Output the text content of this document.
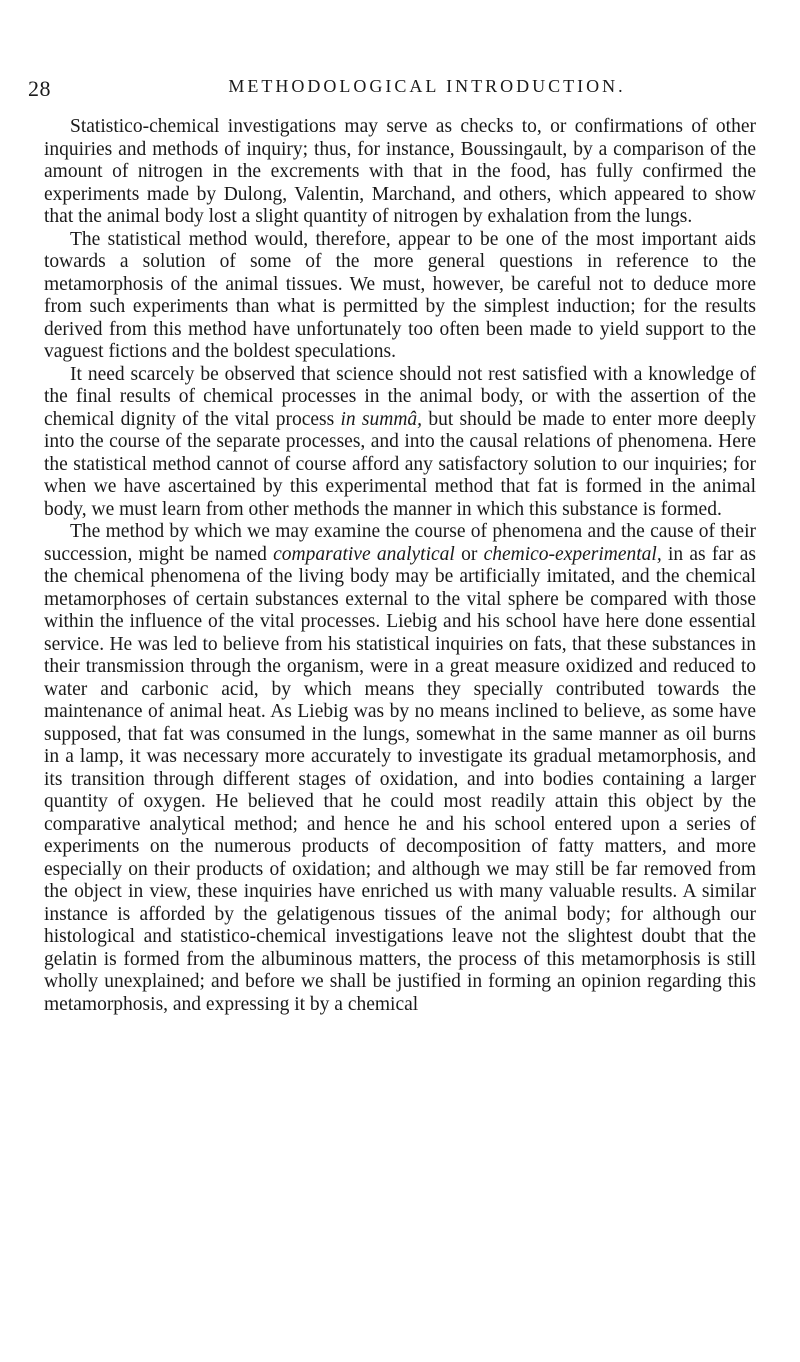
28	METHODOLOGICAL INTRODUCTION.

Statistico-chemical investigations may serve as checks to, or confirmations of other inquiries and methods of inquiry; thus, for instance, Boussingault, by a comparison of the amount of nitrogen in the excrements with that in the food, has fully confirmed the experiments made by Dulong, Valentin, Marchand, and others, which appeared to show that the animal body lost a slight quantity of nitrogen by exhalation from the lungs.

The statistical method would, therefore, appear to be one of the most important aids towards a solution of some of the more general questions in reference to the metamorphosis of the animal tissues. We must, however, be careful not to deduce more from such experiments than what is permitted by the simplest induction; for the results derived from this method have unfortunately too often been made to yield support to the vaguest fictions and the boldest speculations.

It need scarcely be observed that science should not rest satisfied with a knowledge of the final results of chemical processes in the animal body, or with the assertion of the chemical dignity of the vital process in summâ, but should be made to enter more deeply into the course of the separate processes, and into the causal relations of phenomena. Here the statistical method cannot of course afford any satisfactory solution to our inquiries; for when we have ascertained by this experimental method that fat is formed in the animal body, we must learn from other methods the manner in which this substance is formed.

The method by which we may examine the course of phenomena and the cause of their succession, might be named comparative analytical or chemico-experimental, in as far as the chemical phenomena of the living body may be artificially imitated, and the chemical metamorphoses of certain substances external to the vital sphere be compared with those within the influence of the vital processes. Liebig and his school have here done essential service. He was led to believe from his statistical inquiries on fats, that these substances in their transmission through the organism, were in a great measure oxidized and reduced to water and carbonic acid, by which means they specially contributed towards the maintenance of animal heat. As Liebig was by no means inclined to believe, as some have supposed, that fat was consumed in the lungs, somewhat in the same manner as oil burns in a lamp, it was necessary more accurately to investigate its gradual metamorphosis, and its transition through different stages of oxidation, and into bodies containing a larger quantity of oxygen. He believed that he could most readily attain this object by the comparative analytical method; and hence he and his school entered upon a series of experiments on the numerous products of decomposition of fatty matters, and more especially on their products of oxidation; and although we may still be far removed from the object in view, these inquiries have enriched us with many valuable results. A similar instance is afforded by the gelatigenous tissues of the animal body; for although our histological and statistico-chemical investigations leave not the slightest doubt that the gelatin is formed from the albuminous matters, the process of this metamorphosis is still wholly unexplained; and before we shall be justified in forming an opinion regarding this metamorphosis, and expressing it by a chemical
